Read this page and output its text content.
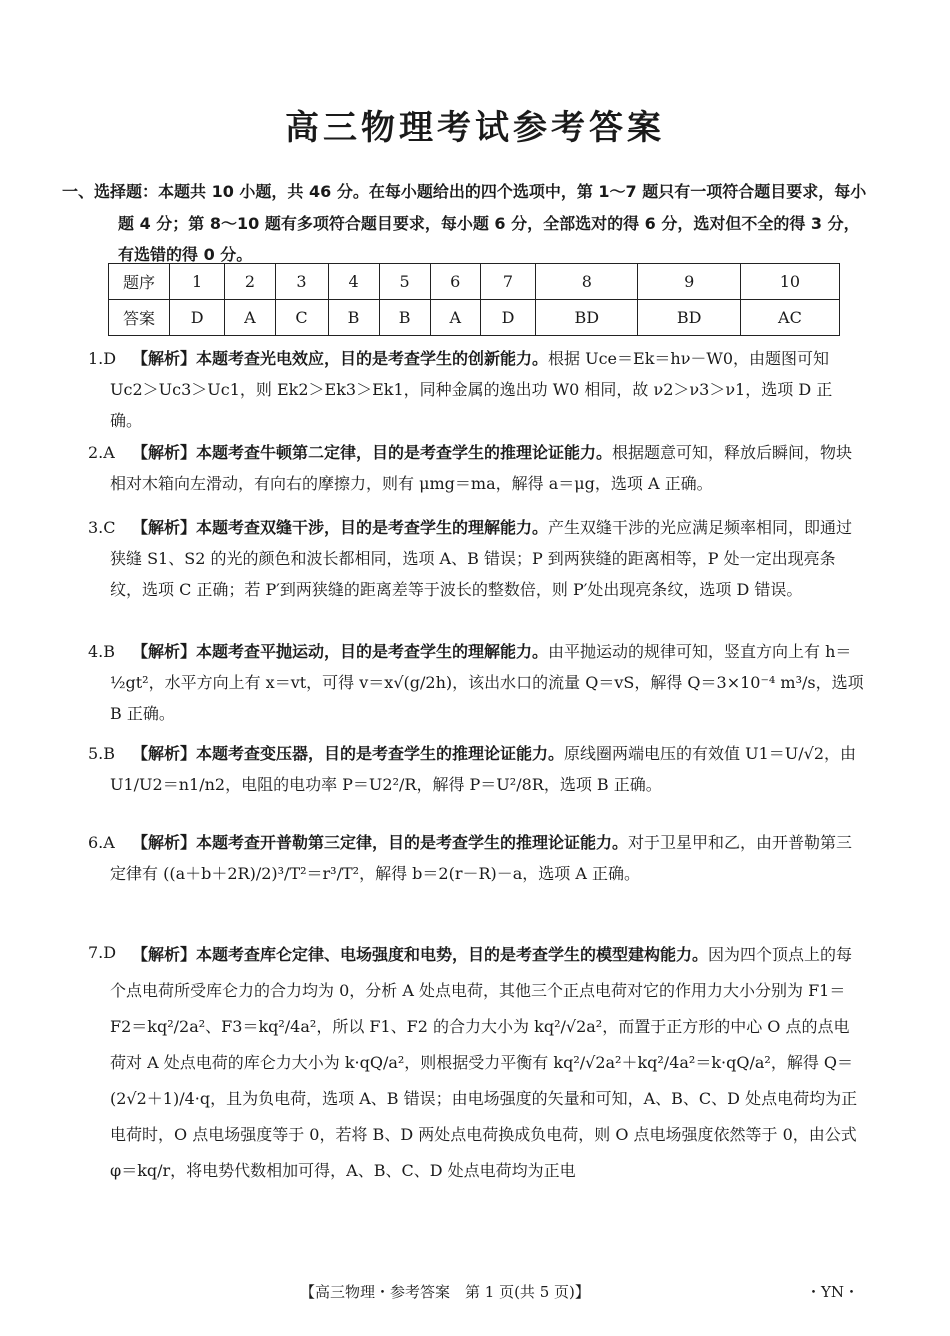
高三物理考试参考答案
一、选择题：本题共 10 小题，共 46 分。在每小题给出的四个选项中，第 1～7 题只有一项符合题目要求，每小题 4 分；第 8～10 题有多项符合题目要求，每小题 6 分，全部选对的得 6 分，选对但不全的得 3 分，有选错的得 0 分。
题序	1	2	3	4	5	6	7	8	9	10
答案	D	A	C	B	B	A	D	BD	BD	AC
1.D 【解析】本题考查光电效应，目的是考查学生的创新能力。根据 Uce＝Ek＝hν－W0，由题图可知 Uc2＞Uc3＞Uc1，则 Ek2＞Ek3＞Ek1，同种金属的逸出功 W0 相同，故 ν2＞ν3＞ν1，选项 D 正确。
2.A	【解析】本题考查牛顿第二定律，目的是考查学生的推理论证能力。根据题意可知，释放后瞬间，物块相对木箱向左滑动，有向右的摩擦力，则有 μmg＝ma，解得 a＝μg，选项 A 正确。
3.C	【解析】本题考查双缝干涉，目的是考查学生的理解能力。产生双缝干涉的光应满足频率相同，即通过狭缝 S1、S2 的光的颜色和波长都相同，选项 A、B 错误；P 到两狭缝的距离相等，P 处一定出现亮条纹，选项 C 正确；若 P′到两狭缝的距离差等于波长的整数倍，则 P′处出现亮条纹，选项 D 错误。
4.B	【解析】本题考查平抛运动，目的是考查学生的理解能力。由平抛运动的规律可知，竖直方向上有 h＝½gt²，水平方向上有 x＝vt，可得 v＝x√(g/2h)，该出水口的流量 Q＝vS，解得 Q＝3×10⁻⁴ m³/s，选项 B 正确。
5.B	【解析】本题考查变压器，目的是考查学生的推理论证能力。原线圈两端电压的有效值 U1＝U/√2，由 U1/U2＝n1/n2，电阻的电功率 P＝U2²/R，解得 P＝U²/8R，选项 B 正确。
6.A	【解析】本题考查开普勒第三定律，目的是考查学生的推理论证能力。对于卫星甲和乙，由开普勒第三定律有 ((a＋b＋2R)/2)³/T²＝r³/T²，解得 b＝2(r－R)－a，选项 A 正确。
7.D 【解析】本题考查库仑定律、电场强度和电势，目的是考查学生的模型建构能力。因为四个顶点上的每个点电荷所受库仑力的合力均为 0，分析 A 处点电荷，其他三个正点电荷对它的作用力大小分别为 F1＝F2＝kq²/2a²、F3＝kq²/4a²，所以 F1、F2 的合力大小为 kq²/√2a²，而置于正方形的中心 O 点的点电荷对 A 处点电荷的库仑力大小为 k·qQ/a²，则根据受力平衡有 kq²/√2a²＋kq²/4a²＝k·qQ/a²，解得 Q＝(2√2＋1)/4·q，且为负电荷，选项 A、B 错误；由电场强度的矢量和可知，A、B、C、D 处点电荷均为正电荷时，O 点电场强度等于 0，若将 B、D 两处点电荷换成负电荷，则 O 点电场强度依然等于 0，由公式 φ＝kq/r，将电势代数相加可得，A、B、C、D 处点电荷均为正电
【高三物理・参考答案　第 1 页(共 5 页)】	・YN・
